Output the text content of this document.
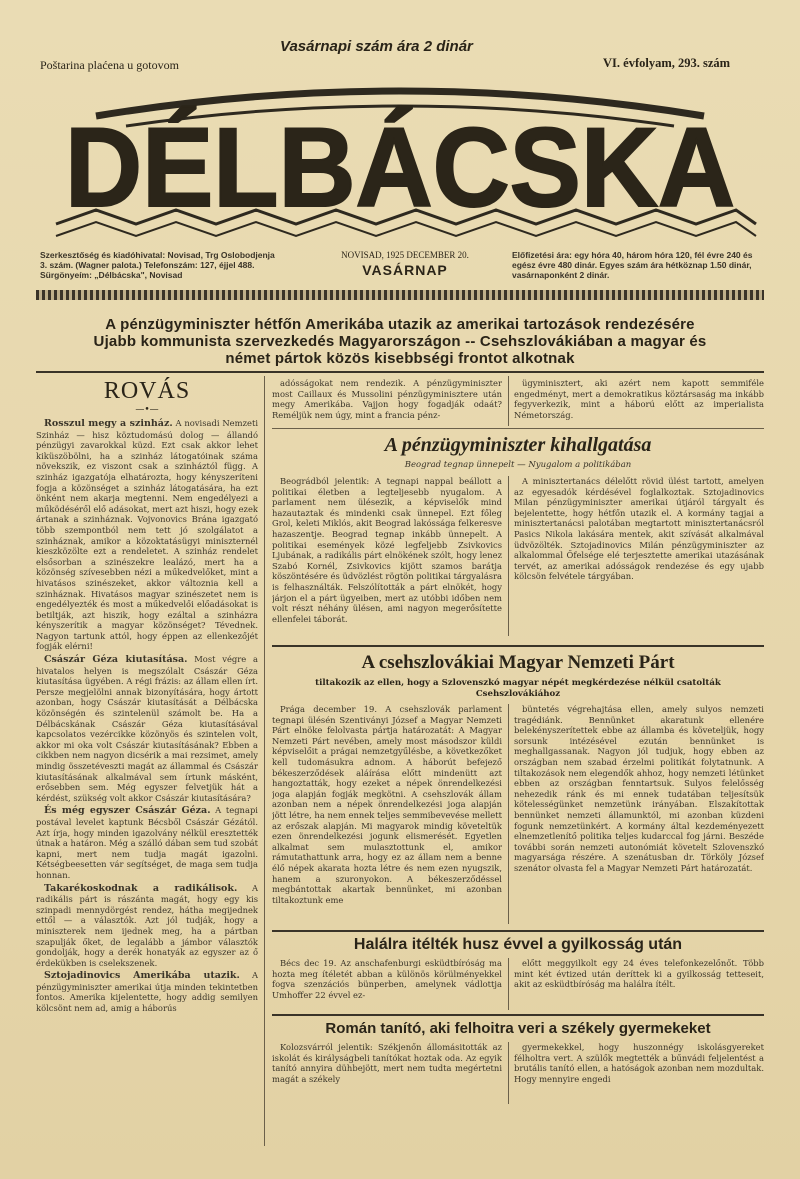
Poštarina plaćena u gotovom
Vasárnapi szám ára 2 dinár
VI. évfolyam, 293. szám
DÉLBÁCSKA
Szerkesztőség és kiadóhivatal: Novisad, Trg Oslobodjenja 3. szám. (Wagner palota.) Telefonszám: 127, éjjel 488. Sürgönyeím: „Délbácska", Novisad
NOVISAD, 1925 DECEMBER 20.
VASÁRNAP
Előfizetési ára: egy hóra 40, három hóra 120, fél évre 240 és egész évre 480 dinár. Egyes szám ára hétköznap 1.50 dinár, vasárnaponként 2 dinár.
A pénzügyminiszter hétfőn Amerikába utazik az amerikai tartozások rendezésére
Ujabb kommunista szervezkedés Magyarországon -- Csehszlovákiában a magyar és
német pártok közös kisebbségi frontot alkotnak
ROVÁS
—•—

Rosszul megy a szinház. A novisadi Nemzeti Szinház — hisz köztudomású dolog — állandó pénzügyi zavarokkal küzd. Ezt csak akkor lehet kiküszöbölni, ha a szinház látogatóinak száma növekszik, ez viszont csak a szinháztól függ. A szinház igazgatója elhatározta, hogy kényszeríteni fogja a közönséget a szinház látogatására, ha ezt önként nem akarja megtenni. Nem engedélyezi a működéséről elő adásokat, mert azt hiszi, hogy ezek ártanak a szinháznak. Vojvonovics Brána igazgató több szempontból nem tett jó szolgálatot a szinháznak, amikor a közoktatásügyi miniszternél kieszközölte ezt a rendeletet. A szinház rendelet elsősorban a szinészekre lealázó, mert ha a közönség szívesebben nézi a műkedvelőket, mint a hivatásos szinészeket, akkor változnia kell a szinháznak. Hivatásos magyar szinészetet nem is engedélyezték és most a műkedvelői előadásokat is betiltják, azt hiszik, hogy ezáltal a szinházra kényszerítik a magyar közönséget? Tévednek. Nagyon tartunk attól, hogy éppen az ellenkezőjét fogják elérni!

Császár Géza kiutasítása. Most végre a hivatalos helyen is megszólalt Császár Géza kiutasítása ügyében. A régi frázis: az állam ellen írt. Persze megjelölni annak bizonyítására, hogy ártott azonban, hogy Császár kiutasítását a Délbácska közönségén és szintelenül számolt be. Ha a Délbácskának Császár Géza kiutasításával kapcsolatos vezércikke közönyös és szintelen volt, akkor mi oka volt Császár kiutasításának? Ebben a cikkben nem nagyon dicsérik a mai rezsimet, amely mindig összetéveszti magát az állammal és Császár kiutasításának alkalmával sem írtunk másként, erősebben sem. Még egyszer felvetjük hát a kérdést, szükség volt akkor Császár kiutasítására?

És még egyszer Császár Géza. A tegnapi postával levelet kaptunk Bécsből Császár Gézától. Azt írja, hogy minden igazolvány nélkül eresztették útnak a határon. Még a szálló dában sem tud szobát kapni, mert nem tudja magát igazolni. Kétségbeesetten vár segítséget, de maga sem tudja honnan.

Takarékoskodnak a radikálisok. A radikális párt is rászánta magát, hogy egy kis szinpadi mennydörgést rendez, hátha megijednek ettől — a választók. Azt jól tudják, hogy a miniszterek nem ijednek meg, ha a pártban szapulják őket, de legalább a jámbor választók gondolják, hogy a derék honatyák az egyszer az ő érdekükben is cselekszenek.

Sztojadinovics Amerikába utazik. A pénzügyminiszter amerikai útja minden tekintetben fontos. Amerika kijelentette, hogy addig semilyen kölcsönt nem ad, amig a háborús

adósságokat nem rendezik. A pénzügyminiszter most Caillaux és Mussolini pénzügyminisztere után megy Amerikába. Vajjon hogy fogadják odaát? Reméljük nem úgy, mint a francia pénz-

ügyminisztert, aki azért nem kapott semmiféle engedményt, mert a demokratikus köztársaság ma inkább fegyverkezik, mint a háború előtt az imperialista Németország.

A pénzügyminiszter kihallgatása
Beograd tegnap ünnepelt — Nyugalom a politikában

Beográdból jelentik: A tegnapi nappal beállott a politikai életben a legteljesebb nyugalom. A parlament nem ülésezik, a képviselők mind hazautaztak és mindenki csak ünnepel. Ezt főleg Grol, keleti Miklós, akit Beograd lakóssága felkeresve hazaszentje. Beograd tegnap inkább ünnepelt. A politikai események közé legfeljebb Zsivkovics Ljubának, a radikális párt elnökének szólt, hogy lenez Szabó Kornél, Zsivkovics kijött szamos barátja köszöntésére és üdvözlést rögtön politikai tárgyalásra is felhasználták. Felszólították a párt elnökét, hogy járjon el a párt ügyeiben, mert az utóbbi időben nem volt részt néhány ülésen, ami nagyon megerősítette ellenfelei táborát.

A minisztertanács délelőtt rövid ülést tartott, amelyen az egyesadók kérdésével foglalkoztak. Sztojadinovics Milan pénzügyminiszter amerikai útjáról tárgyalt és bejelentette, hogy hétfőn utazik el. A kormány tagjai a minisztertanácsi palotában megtartott minisztertanácsról Pasics Nikola lakására mentek, akit szívását alkalmával üdvözölték. Sztojadinovics Milán pénzügyminiszter az alkalommal Őfelsége elé terjesztette amerikai utazásának tervét, az amerikai adósságok rendezése és egy ujabb kölcsön felvétele tárgyában.

A csehszlovákiai Magyar Nemzeti Párt
tiltakozik az ellen, hogy a Szlovenszkó magyar népét megkérdezése nélkül csatolták Csehszlovákiához

Prága december 19. A csehszlovák parlament tegnapi ülésén Szentiványi József a Magyar Nemzeti Párt elnöke felolvasta pártja határozatát: A Magyar Nemzeti Párt nevében, amely most másodszor küldi képviselőit a prágai nemzetgyűlésbe, a következőket kell tudomásukra adnom. A háborút befejező békeszerződések aláírása előtt mindenütt azt hangoztatták, hogy ezeket a népek önrendelkezési joga alapján fogják megkötni. A csehszlovák állam azonban nem a népek önrendelkezési joga alapján jött létre, ha nem ennek teljes semmibevevése mellett az erőszak alapján. Mi magyarok mindig követeltük ezen önrendelkezési jogunk elismerését. Egyetlen alkalmat sem mulasztottunk el, amikor rámutathattunk arra, hogy ez az állam nem a benne élő népek akarata hozta létre és nem ezen nyugszik, hanem a szuronyokon. A békeszerződéssel megbántottak akartak bennünket, mi azonban tiltakoztunk eme

büntetés végrehajtása ellen, amely sulyos nemzeti tragédiánk. Bennünket akaratunk ellenére belekényszerítettek ebbe az államba és követeljük, hogy sorsunk intézésével ezután bennünket is meghallgassanak. Nagyon jól tudjuk, hogy ebben az országban nem szabad érzelmi politikát folytatnunk. A tiltakozások nem elegendők ahhoz, hogy nemzeti létünket ebben az országban fenntartsuk. Sulyos felelősség nehezedik ránk és mi ennek tudatában teljesítsük kötelességünket nemzetünk irányában. Elszakítottak bennünket nemzeti államunktól, mi azonban küzdeni fogunk nemzetünkért. A kormány által kezdeményezett elnemzetlenítő politika teljes kudarccal fog járni. Beszéde további során nemzeti autonómiát követelt Szlovenszkó magyarsága részére. A szenátusban dr. Törköly József szenátor olvasta fel a Magyar Nemzeti Párt határozatát.

Halálra itélték husz évvel a gyilkosság után

Bécs dec 19. Az anschafenburgi esküdtbíróság ma hozta meg ítéletét abban a különös körülményekkel fogva szenzációs bünperben, amelynek vádlottja Umhoffer 22 évvel ez-

előtt meggyilkolt egy 24 éves telefonkezelőnőt. Több mint két évtized után deríttek ki a gyilkosság tetteseit, akit az esküdtbíróság ma halálra ítélt.

Román tanító, aki felhoitra veri a székely gyermekeket

Kolozsvárról jelentik: Székjenőn állomásitották az iskolát és királyságbeli tanítókat hoztak oda. Az egyik tanító annyira dühbejött, mert nem tudta megértetni magát a székely

gyermekekkel, hogy huszonnégy iskolásgyereket félholtra vert. A szülők megtették a bűnvádi feljelentést a brutális tanító ellen, a hatóságok azonban nem mozdultak. Hogy mennyire engedi
